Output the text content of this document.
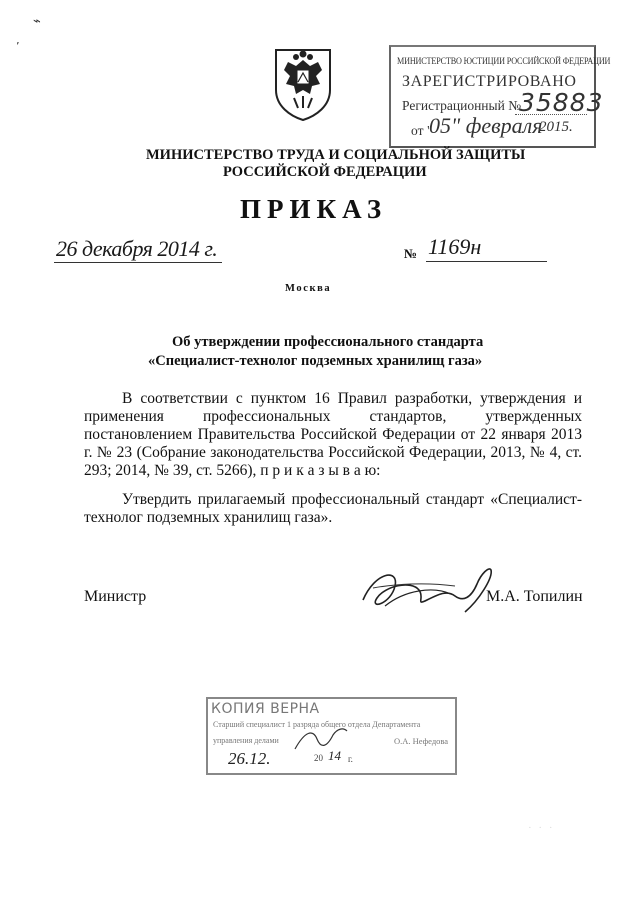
⌁
ʼ
МИНИСТЕРСТВО ЮСТИЦИИ РОССИЙСКОЙ ФЕДЕРАЦИИ
ЗАРЕГИСТРИРОВАНО
Регистрационный №
35883
от "
05" февраля
2015.
МИНИСТЕРСТВО ТРУДА И СОЦИАЛЬНОЙ ЗАЩИТЫ
РОССИЙСКОЙ ФЕДЕРАЦИИ
ПРИКАЗ
26 декабря 2014 г.	№ 1169н
Москва
Об утверждении профессионального стандарта
«Специалист-технолог подземных хранилищ газа»
В соответствии с пунктом 16 Правил разработки, утверждения и применения профессиональных стандартов, утвержденных постановлением Правительства Российской Федерации от 22 января 2013 г. № 23 (Собрание законодательства Российской Федерации, 2013, № 4, ст. 293; 2014, № 39, ст. 5266), п р и к а з ы в а ю:
Утвердить прилагаемый профессиональный стандарт «Специалист-технолог подземных хранилищ газа».
Министр	М.А. Топилин
КОПИЯ ВЕРНА
Старший специалист 1 разряда общего отдела Департамента
управления делами	О.А. Нефедова
26.12.	20 14 г.
· · ·
